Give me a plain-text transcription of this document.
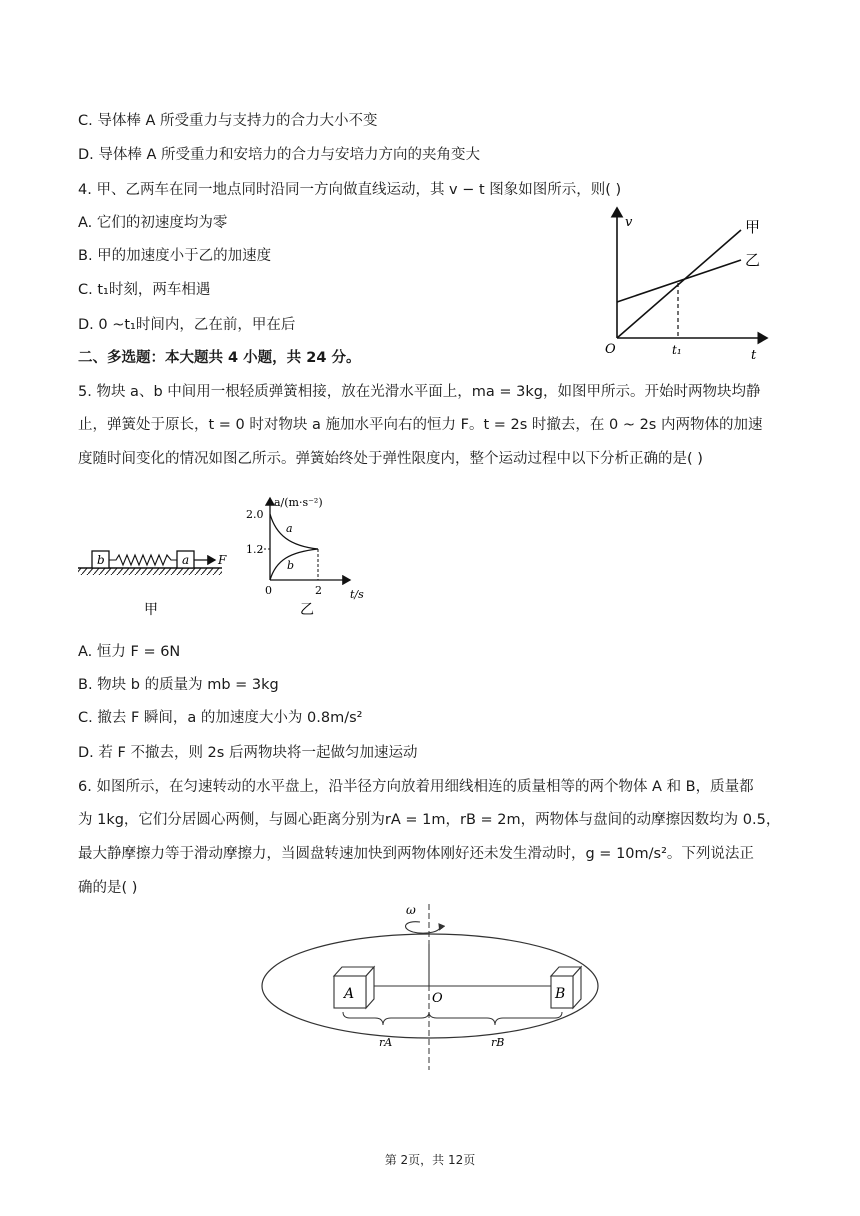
C. 导体棒 A 所受重力与支持力的合力大小不变
D. 导体棒 A 所受重力和安培力的合力与安培力方向的夹角变大
4. 甲、乙两车在同一地点同时沿同一方向做直线运动，其 v − t 图象如图所示，则( )
A. 它们的初速度均为零
B. 甲的加速度小于乙的加速度
C. t₁时刻，两车相遇
D. 0 ~t₁时间内，乙在前，甲在后
二、多选题：本大题共 4 小题，共 24 分。
5. 物块 a、b 中间用一根轻质弹簧相接，放在光滑水平面上，ma = 3kg，如图甲所示。开始时两物块均静
止，弹簧处于原长，t = 0 时对物块 a 施加水平向右的恒力 F。t = 2s 时撤去，在 0 ~ 2s 内两物体的加速
度随时间变化的情况如图乙所示。弹簧始终处于弹性限度内，整个运动过程中以下分析正确的是( )
A. 恒力 F = 6N
B. 物块 b 的质量为 mb = 3kg
C. 撤去 F 瞬间，a 的加速度大小为 0.8m/s²
D. 若 F 不撤去，则 2s 后两物块将一起做匀加速运动
6. 如图所示，在匀速转动的水平盘上，沿半径方向放着用细线相连的质量相等的两个物体 A 和 B，质量都
为 1kg，它们分居圆心两侧，与圆心距离分别为rA = 1m，rB = 2m，两物体与盘间的动摩擦因数均为 0.5，
最大静摩擦力等于滑动摩擦力，当圆盘转速加快到两物体刚好还未发生滑动时，g = 10m/s²。下列说法正
确的是( )
v
O	t₁	t
甲
乙
b	a F
甲
a/(m·s⁻²)
2.0
1.2
a
b
0	2	t/s
乙
ω
A	B
O
rA	rB
第 2页，共 12页
